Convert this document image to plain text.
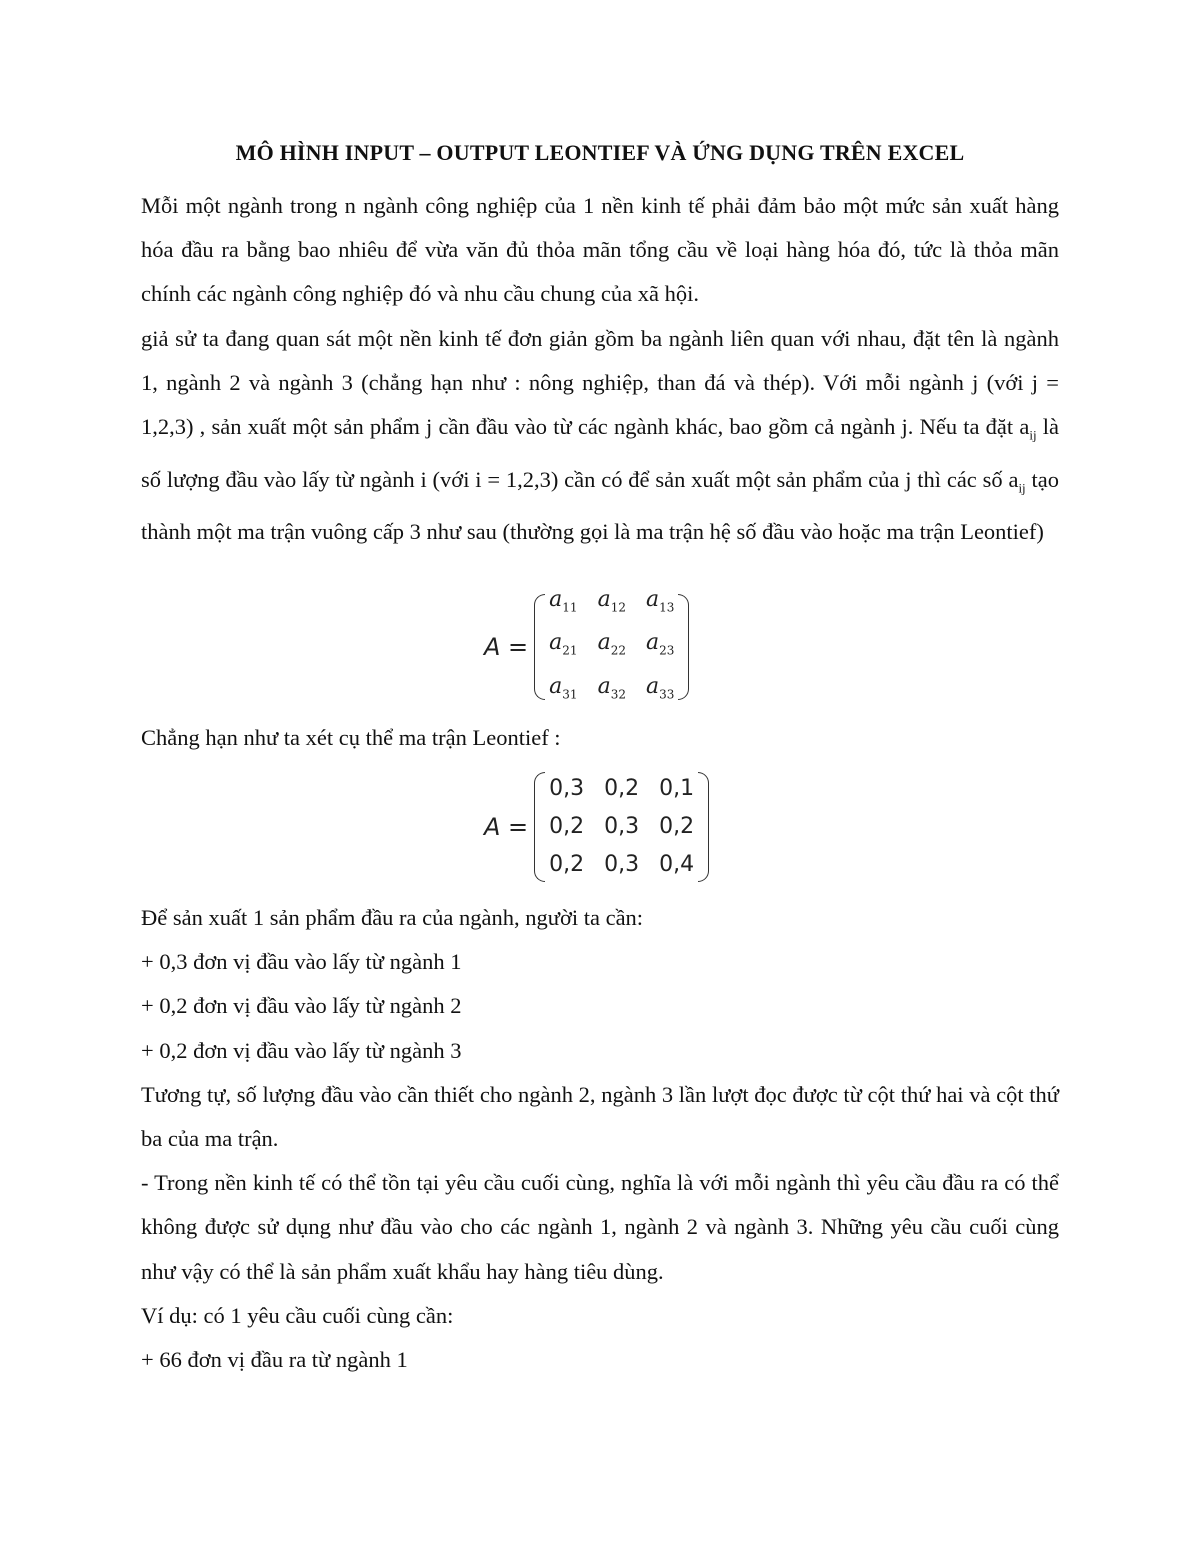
MÔ HÌNH INPUT – OUTPUT LEONTIEF VÀ ỨNG DỤNG TRÊN EXCEL

Mỗi một ngành trong n ngành công nghiệp của 1 nền kinh tế phải đảm bảo một mức sản xuất hàng hóa đầu ra bằng bao nhiêu để vừa văn đủ thỏa mãn tổng cầu về loại hàng hóa đó, tức là thỏa mãn chính các ngành công nghiệp đó và nhu cầu chung của xã hội.

giả sử ta đang quan sát một nền kinh tế đơn giản gồm ba ngành liên quan với nhau, đặt tên là ngành 1, ngành 2 và ngành 3 (chẳng hạn như : nông nghiệp, than đá và thép). Với mỗi ngành j (với j = 1,2,3) , sản xuất một sản phẩm j cần đầu vào từ các ngành khác, bao gồm cả ngành j. Nếu ta đặt $a_{ij}$ là số lượng đầu vào lấy từ ngành i (với i = 1,2,3) cần có để sản xuất một sản phẩm của j thì các số $a_{ij}$ tạo thành một ma trận vuông cấp 3 như sau (thường gọi là ma trận hệ số đầu vào hoặc ma trận Leontief)

A =
$a_{11}$ $a_{12}$ $a_{13}$
$a_{21}$ $a_{22}$ $a_{23}$
$a_{31}$ $a_{32}$ $a_{33}$

Chẳng hạn như ta xét cụ thể ma trận Leontief :

A =
0,3 0,2 0,1
0,2 0,3 0,2
0,2 0,3 0,4

Để sản xuất 1 sản phẩm đầu ra của ngành, người ta cần:

+ 0,3 đơn vị đầu vào lấy từ ngành 1

+ 0,2 đơn vị đầu vào lấy từ ngành 2

+ 0,2 đơn vị đầu vào lấy từ ngành 3

Tương tự, số lượng đầu vào cần thiết cho ngành 2, ngành 3 lần lượt đọc được từ cột thứ hai và cột thứ ba của ma trận.

- Trong nền kinh tế có thể tồn tại yêu cầu cuối cùng, nghĩa là với mỗi ngành thì yêu cầu đầu ra có thể không được sử dụng như đầu vào cho các ngành 1, ngành 2 và ngành 3. Những yêu cầu cuối cùng như vậy có thể là sản phẩm xuất khẩu hay hàng tiêu dùng.

Ví dụ: có 1 yêu cầu cuối cùng cần:

+ 66 đơn vị đầu ra từ ngành 1
